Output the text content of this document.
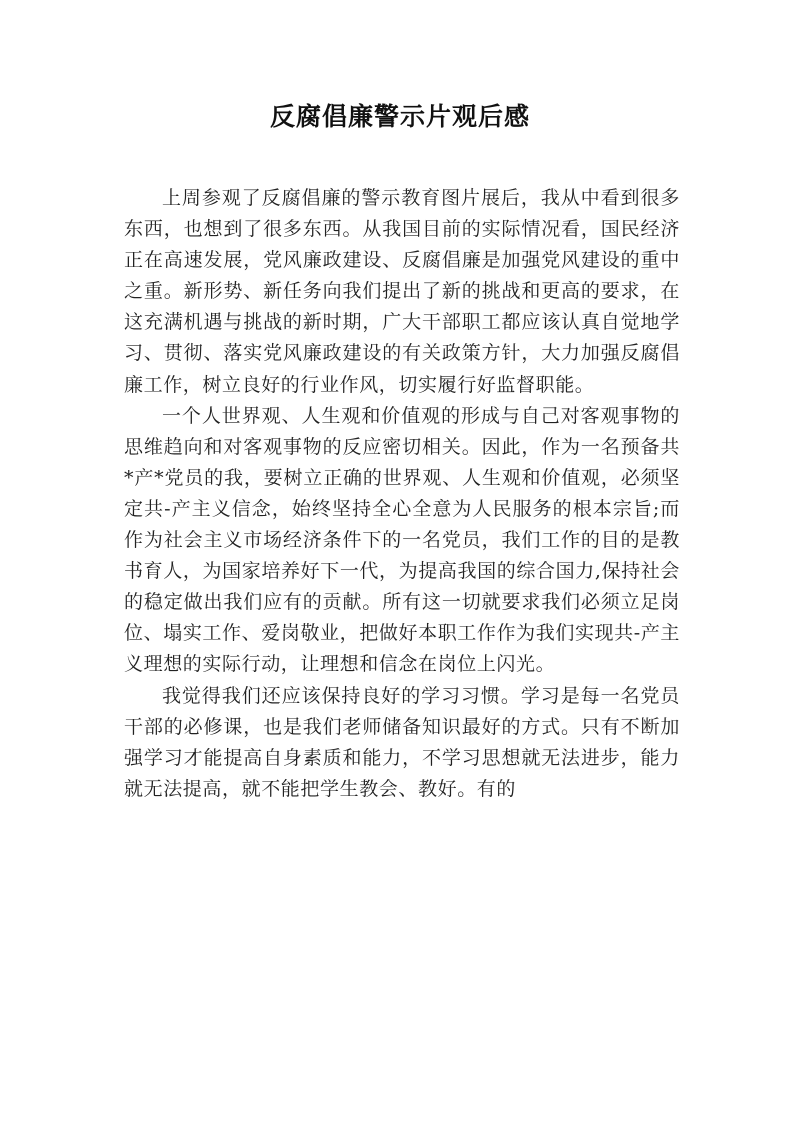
反腐倡廉警示片观后感

上周参观了反腐倡廉的警示教育图片展后，我从中看到很多东西，也想到了很多东西。从我国目前的实际情况看，国民经济正在高速发展，党风廉政建设、反腐倡廉是加强党风建设的重中之重。新形势、新任务向我们提出了新的挑战和更高的要求，在这充满机遇与挑战的新时期，广大干部职工都应该认真自觉地学习、贯彻、落实党风廉政建设的有关政策方针，大力加强反腐倡廉工作，树立良好的行业作风，切实履行好监督职能。

一个人世界观、人生观和价值观的形成与自己对客观事物的思维趋向和对客观事物的反应密切相关。因此，作为一名预备共*产*党员的我，要树立正确的世界观、人生观和价值观，必须坚定共-产主义信念，始终坚持全心全意为人民服务的根本宗旨;而作为社会主义市场经济条件下的一名党员，我们工作的目的是教书育人，为国家培养好下一代，为提高我国的综合国力,保持社会的稳定做出我们应有的贡献。所有这一切就要求我们必须立足岗位、塌实工作、爱岗敬业，把做好本职工作作为我们实现共-产主义理想的实际行动，让理想和信念在岗位上闪光。

我觉得我们还应该保持良好的学习习惯。学习是每一名党员干部的必修课，也是我们老师储备知识最好的方式。只有不断加强学习才能提高自身素质和能力，不学习思想就无法进步，能力就无法提高，就不能把学生教会、教好。有的
